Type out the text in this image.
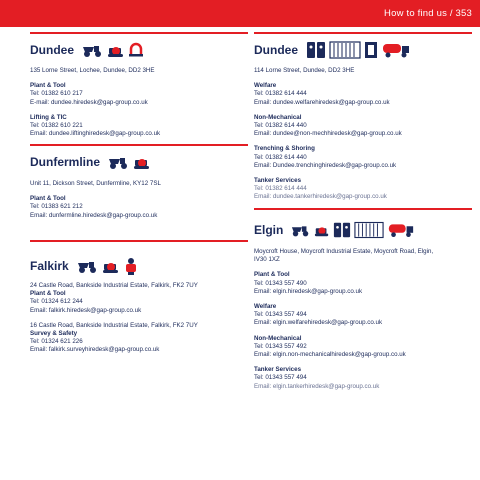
How to find us / 353
Dundee
135 Lorne Street, Lochee, Dundee, DD2 3HE
Plant & Tool
Tel: 01382 610 217
E-mail: dundee.hiredesk@gap-group.co.uk
Lifting & TIC
Tel: 01382 610 221
Email: dundee.liftinghiredesk@gap-group.co.uk
Dunfermline
Unit 11, Dickson Street, Dunfermline, KY12 7SL
Plant & Tool
Tel: 01383 621 212
Email: dunfermline.hiredesk@gap-group.co.uk
Falkirk
24 Castle Road, Bankside Industrial Estate, Falkirk, FK2 7UY
Plant & Tool
Tel: 01324 612 244
Email: falkirk.hiredesk@gap-group.co.uk
16 Castle Road, Bankside Industrial Estate, Falkirk, FK2 7UY
Survey & Safety
Tel: 01324 621 226
Email: falkirk.surveyhiredesk@gap-group.co.uk
Dundee
114 Lorne Street, Dundee, DD2 3HE
Welfare
Tel: 01382 614 444
Email: dundee.welfarehiredesk@gap-group.co.uk
Non-Mechanical
Tel: 01382 614 440
Email: dundee@non-mechhiredesk@gap-group.co.uk
Trenching & Shoring
Tel: 01382 614 440
Email: Dundee.trenchinghiredesk@gap-group.co.uk
Tanker Services
Tel: 01382 614 444
Email: dundee.tankerhiredesk@gap-group.co.uk
Elgin
Moycroft House, Moycroft Industrial Estate, Moycroft Road, Elgin,
IV30 1XZ
Plant & Tool
Tel: 01343 557 490
Email: elgin.hiredesk@gap-group.co.uk
Welfare
Tel: 01343 557 494
Email: elgin.welfarehiredesk@gap-group.co.uk
Non-Mechanical
Tel: 01343 557 492
Email: elgin.non-mechanicalhiredesk@gap-group.co.uk
Tanker Services
Tel: 01343 557 494
Email: elgin.tankerhiredesk@gap-group.co.uk
